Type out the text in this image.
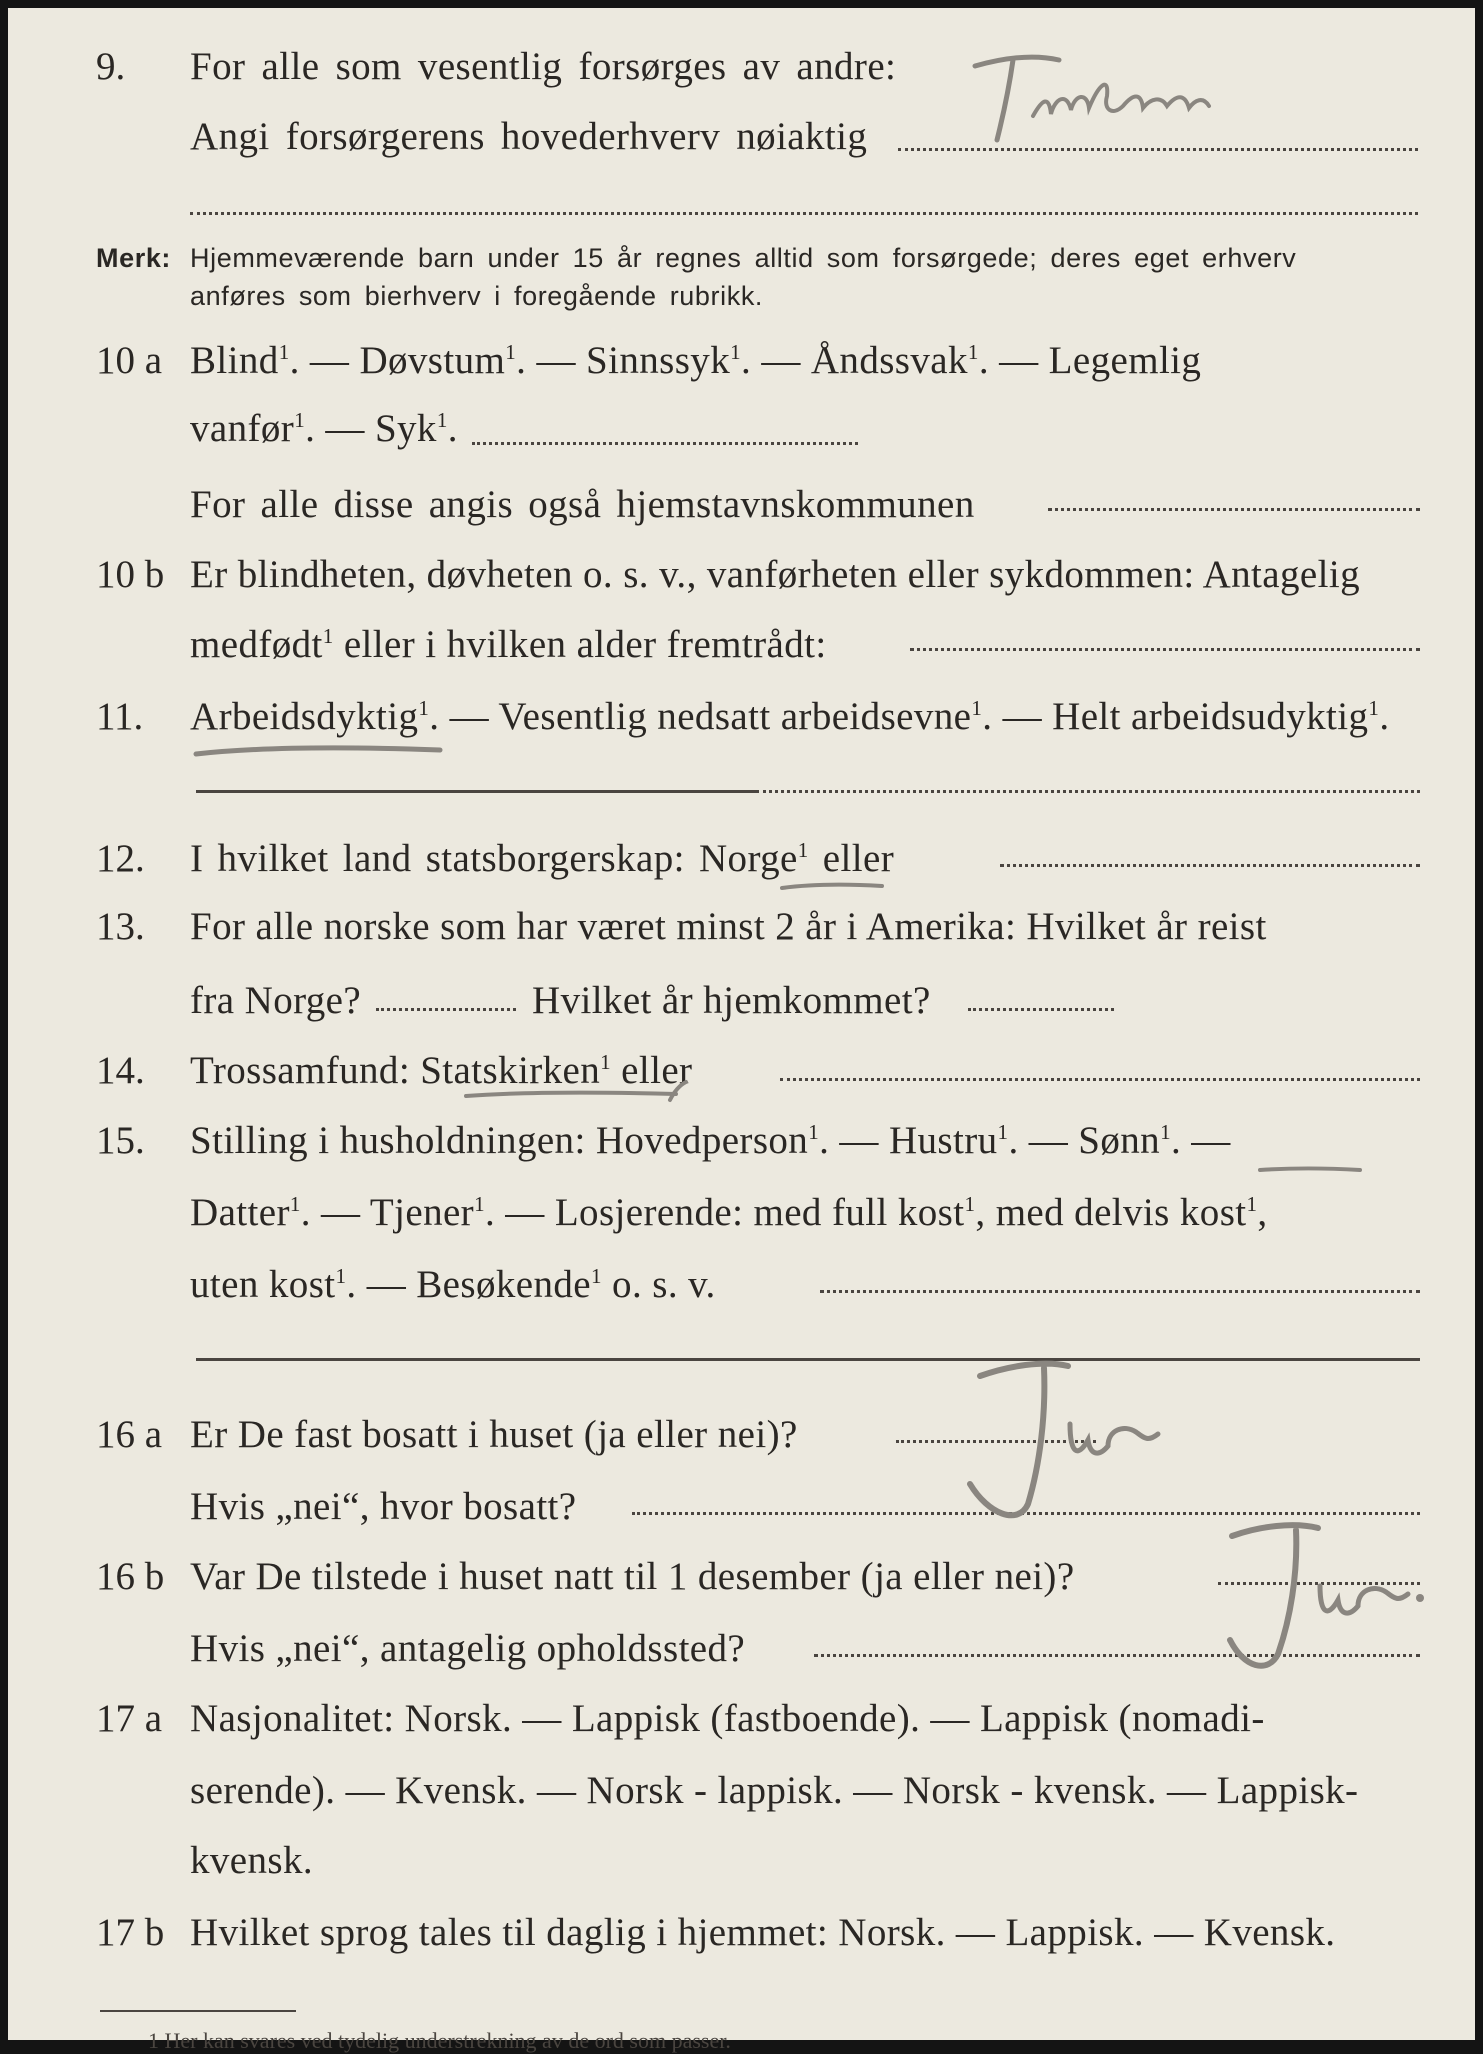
9.	For alle som vesentlig forsørges av andre:
Angi forsørgerens hovederhverv nøiaktig
Fiskeri
Merk: Hjemmeværende barn under 15 år regnes alltid som forsørgede; deres eget erhverv
anføres som bierhverv i foregående rubrikk.
10 a Blind$^1$. — Døvstum$^1$. — Sinnssyk$^1$. — Åndssvak$^1$. — Legemlig
vanfør$^1$. — Syk$^1$.
For alle disse angis også hjemstavnskommunen
10 b Er blindheten, døvheten o. s. v., vanførheten eller sykdommen: Antagelig
medfødt$^1$ eller i hvilken alder fremtrådt:
11.	Arbeidsdyktig$^1$. — Vesentlig nedsatt arbeidsevne$^1$. — Helt arbeidsudyktig$^1$.
12.	I hvilket land statsborgerskap: Norge$^1$ eller
13.	For alle norske som har været minst 2 år i Amerika: Hvilket år reist
fra Norge?	Hvilket år hjemkommet?
14.	Trossamfund: Statskirken$^1$ eller
15.	Stilling i husholdningen: Hovedperson$^1$. — Hustru$^1$. — Sønn$^1$. —
Datter$^1$. — Tjener$^1$. — Losjerende: med full kost$^1$, med delvis kost$^1$,
uten kost$^1$. — Besøkende$^1$ o. s. v.
16 a Er De fast bosatt i huset (ja eller nei)?
Hvis „nei“, hvor bosatt?
Ja
16 b Var De tilstede i huset natt til 1 desember (ja eller nei)?
Hvis „nei“, antagelig opholdssted?
Ja.
17 a Nasjonalitet: Norsk. — Lappisk (fastboende). — Lappisk (nomadi-
serende). — Kvensk. — Norsk - lappisk. — Norsk - kvensk. — Lappisk-
kvensk.
17 b Hvilket sprog tales til daglig i hjemmet: Norsk. — Lappisk. — Kvensk.
1 Her kan svares ved tydelig understrekning av de ord som passer.
